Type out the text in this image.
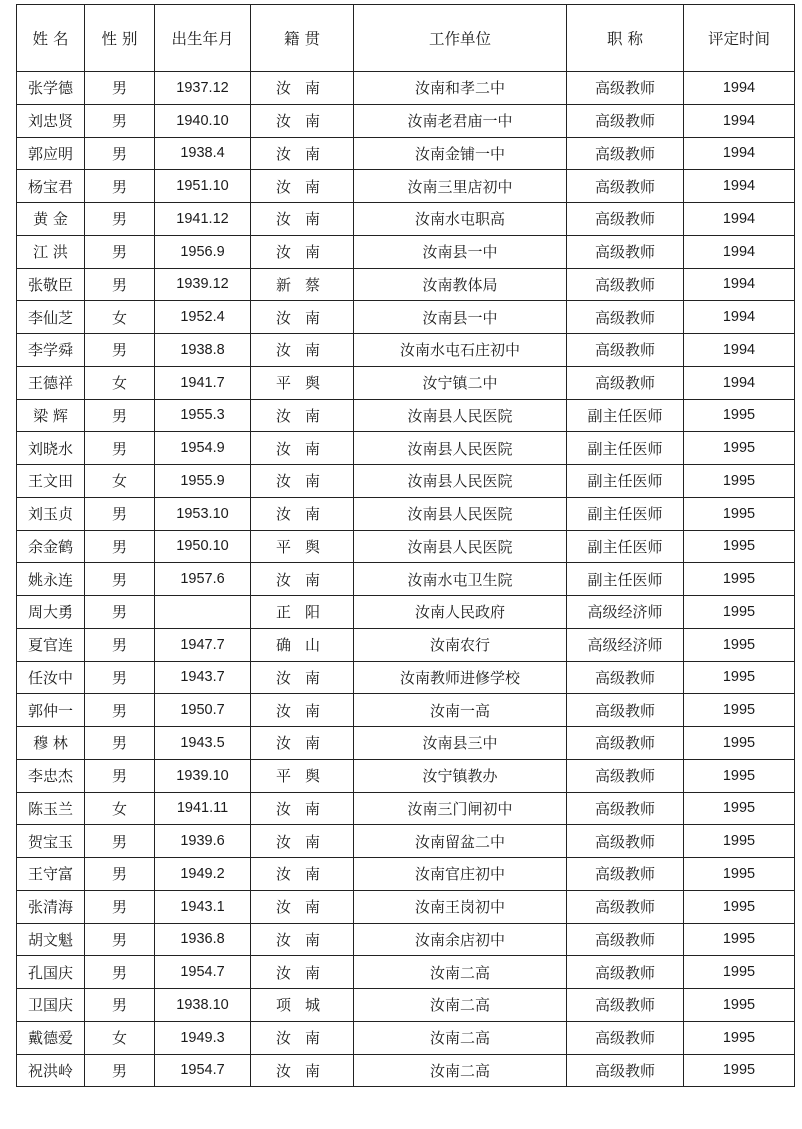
姓 名	性 别	出生年月	籍 贯	工作单位	职 称	评定时间
张学德	男	1937.12	汝南	汝南和孝二中	高级教师	1994
刘忠贤	男	1940.10	汝南	汝南老君庙一中	高级教师	1994
郭应明	男	1938.4	汝南	汝南金铺一中	高级教师	1994
杨宝君	男	1951.10	汝南	汝南三里店初中	高级教师	1994
黄 金	男	1941.12	汝南	汝南水屯职高	高级教师	1994
江 洪	男	1956.9	汝南	汝南县一中	高级教师	1994
张敬臣	男	1939.12	新蔡	汝南教体局	高级教师	1994
李仙芝	女	1952.4	汝南	汝南县一中	高级教师	1994
李学舜	男	1938.8	汝南	汝南水屯石庄初中	高级教师	1994
王德祥	女	1941.7	平舆	汝宁镇二中	高级教师	1994
梁 辉	男	1955.3	汝南	汝南县人民医院	副主任医师	1995
刘晓水	男	1954.9	汝南	汝南县人民医院	副主任医师	1995
王文田	女	1955.9	汝南	汝南县人民医院	副主任医师	1995
刘玉贞	男	1953.10	汝南	汝南县人民医院	副主任医师	1995
余金鹤	男	1950.10	平舆	汝南县人民医院	副主任医师	1995
姚永连	男	1957.6	汝南	汝南水屯卫生院	副主任医师	1995
周大勇	男		正阳	汝南人民政府	高级经济师	1995
夏官连	男	1947.7	确山	汝南农行	高级经济师	1995
任汝中	男	1943.7	汝南	汝南教师进修学校	高级教师	1995
郭仲一	男	1950.7	汝南	汝南一高	高级教师	1995
穆 林	男	1943.5	汝南	汝南县三中	高级教师	1995
李忠杰	男	1939.10	平舆	汝宁镇教办	高级教师	1995
陈玉兰	女	1941.11	汝南	汝南三门闸初中	高级教师	1995
贺宝玉	男	1939.6	汝南	汝南留盆二中	高级教师	1995
王守富	男	1949.2	汝南	汝南官庄初中	高级教师	1995
张清海	男	1943.1	汝南	汝南王岗初中	高级教师	1995
胡文魁	男	1936.8	汝南	汝南余店初中	高级教师	1995
孔国庆	男	1954.7	汝南	汝南二高	高级教师	1995
卫国庆	男	1938.10	项城	汝南二高	高级教师	1995
戴德爱	女	1949.3	汝南	汝南二高	高级教师	1995
祝洪岭	男	1954.7	汝南	汝南二高	高级教师	1995
